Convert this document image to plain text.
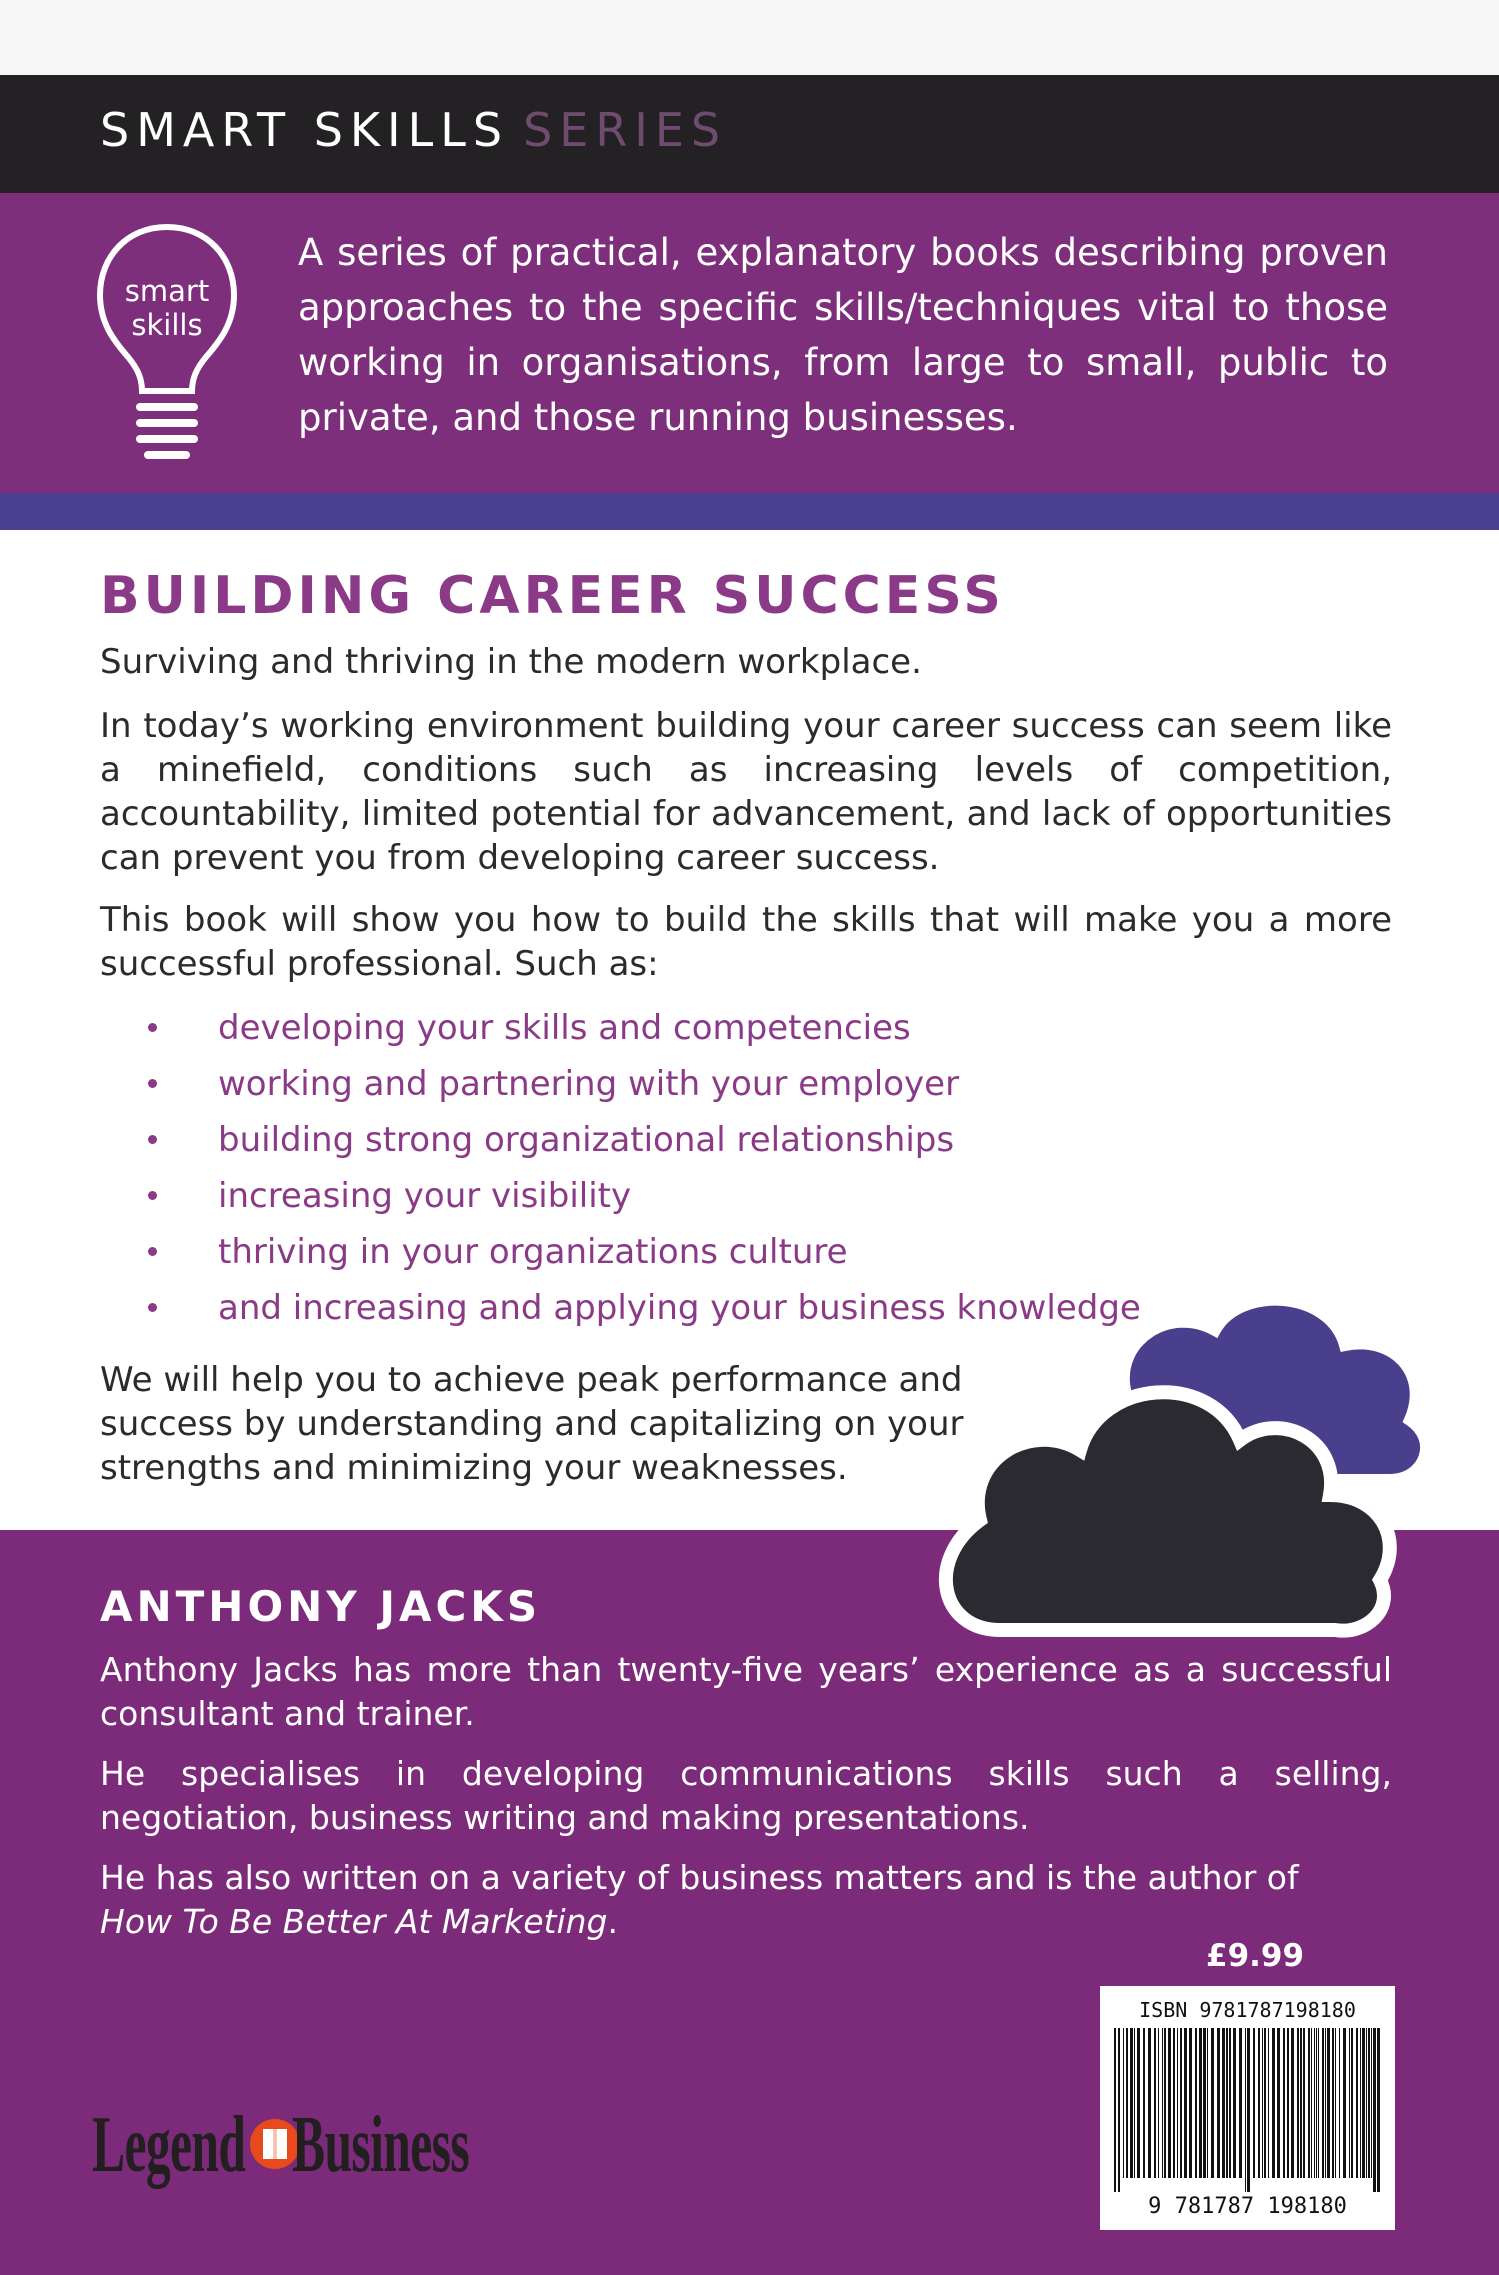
SMART SKILLS SERIES
smart
skills
A series of practical, explanatory books describing proven approaches to the specific skills/techniques vital to those working in organisations, from large to small, public to private, and those running businesses.
BUILDING CAREER SUCCESS
Surviving and thriving in the modern workplace.
In today’s working environment building your career success can seem like a minefield, conditions such as increasing levels of competition, accountability, limited potential for advancement, and lack of opportunities can prevent you from developing career success.
This book will show you how to build the skills that will make you a more successful professional. Such as:
developing your skills and competencies
working and partnering with your employer
building strong organizational relationships
increasing your visibility
thriving in your organizations culture
and increasing and applying your business knowledge
We will help you to achieve peak performance and success by understanding and capitalizing on your strengths and minimizing your weaknesses.
ANTHONY JACKS

Anthony Jacks has more than twenty-five years’ experience as a successful consultant and trainer.

He specialises in developing communications skills such a selling, negotiation, business writing and making presentations.

He has also written on a variety of business matters and is the author of
How To Be Better At Marketing.

£9.99
ISBN 9781787198180
9 781787 198180
Legend Business
